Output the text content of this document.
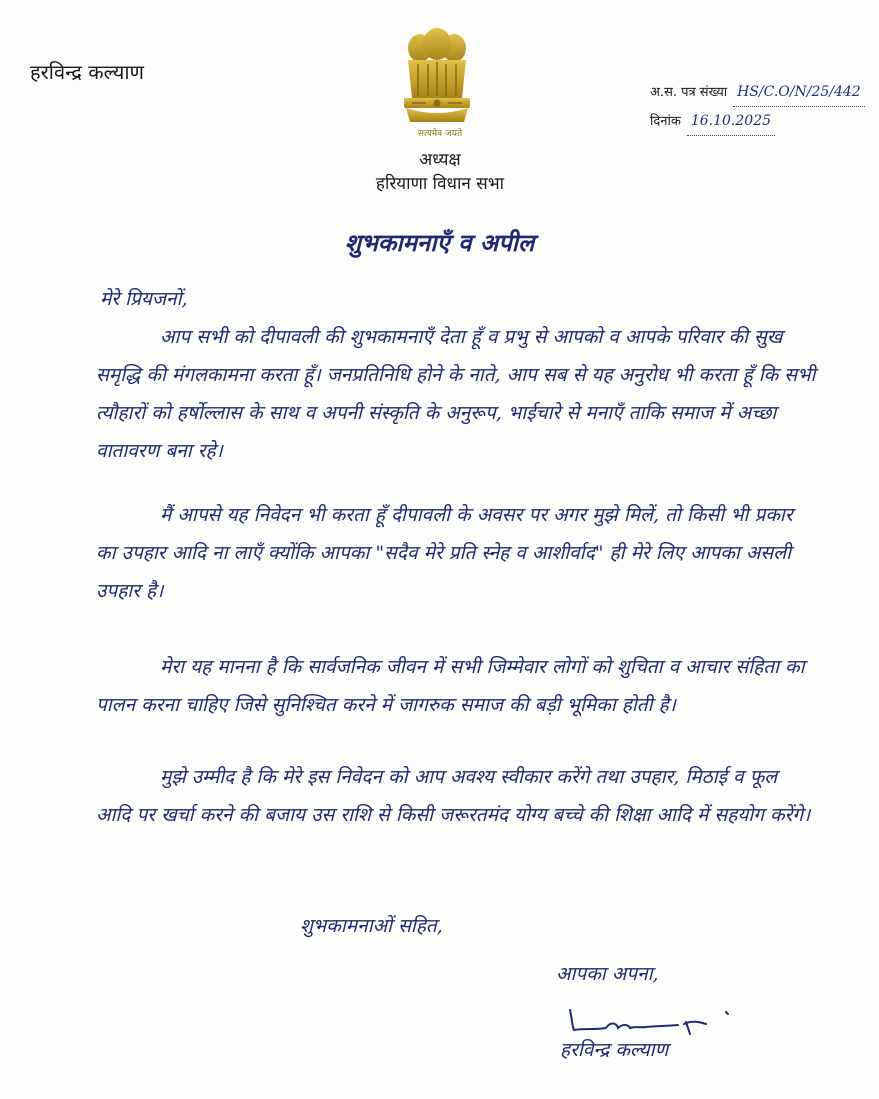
हरविन्द्र कल्याण
सत्यमेव जयते
अध्यक्ष
हरियाणा विधान सभा
अ.स. पत्र संख्या HS/C.O/N/25/442
दिनांक 16.10.2025
शुभकामनाएँ व अपील
मेरे प्रियजनों,
आप सभी को दीपावली की शुभकामनाएँ देता हूँ व प्रभु से आपको व आपके परिवार की सुख समृद्धि की मंगलकामना करता हूँ। जनप्रतिनिधि होने के नाते, आप सब से यह अनुरोध भी करता हूँ कि सभी त्यौहारों को हर्षोल्लास के साथ व अपनी संस्कृति के अनुरूप, भाईचारे से मनाएँ ताकि समाज में अच्छा वातावरण बना रहे।
मैं आपसे यह निवेदन भी करता हूँ दीपावली के अवसर पर अगर मुझे मिलें, तो किसी भी प्रकार का उपहार आदि ना लाएँ क्योंकि आपका "सदैव मेरे प्रति स्नेह व आशीर्वाद" ही मेरे लिए आपका असली उपहार है।
मेरा यह मानना है कि सार्वजनिक जीवन में सभी जिम्मेवार लोगों को शुचिता व आचार संहिता का पालन करना चाहिए जिसे सुनिश्चित करने में जागरुक समाज की बड़ी भूमिका होती है।
मुझे उम्मीद है कि मेरे इस निवेदन को आप अवश्य स्वीकार करेंगे तथा उपहार, मिठाई व फूल आदि पर खर्चा करने की बजाय उस राशि से किसी जरूरतमंद योग्य बच्चे की शिक्षा आदि में सहयोग करेंगे।
शुभकामनाओं सहित,
आपका अपना,
हरविन्द्र कल्याण
